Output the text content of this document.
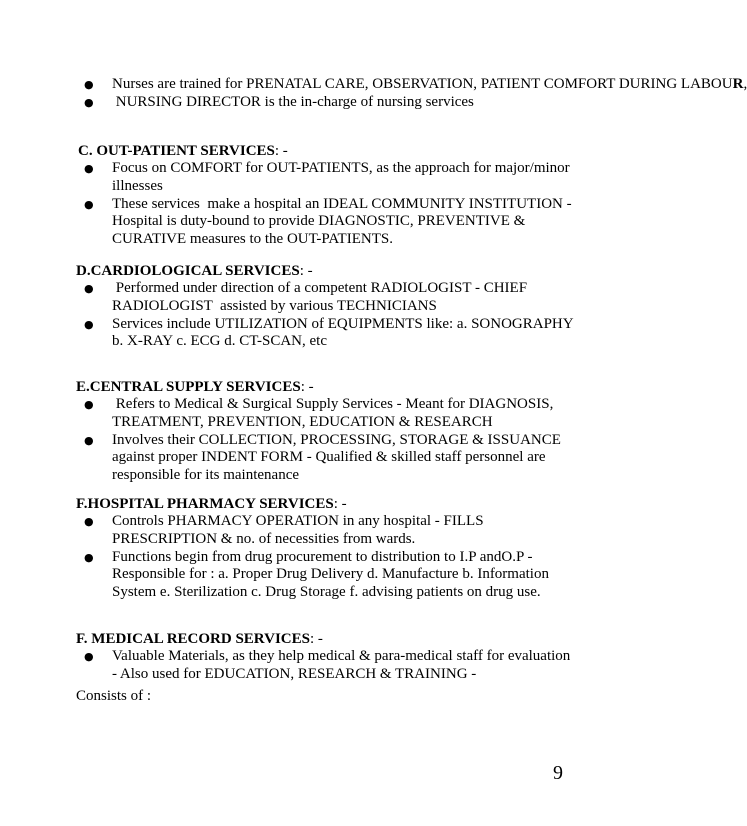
● Nurses are trained for PRENATAL CARE, OBSERVATION, PATIENT COMFORT DURING LABOUR,
●  NURSING DIRECTOR is the in-charge of nursing services

C. OUT-PATIENT SERVICES: -

● Focus on COMFORT for OUT-PATIENTS, as the approach for major/minor illnesses
● These services  make a hospital an IDEAL COMMUNITY INSTITUTION - Hospital is duty-bound to provide DIAGNOSTIC, PREVENTIVE & CURATIVE measures to the OUT-PATIENTS.

D.CARDIOLOGICAL SERVICES: -

●  Performed under direction of a competent RADIOLOGIST - CHIEF RADIOLOGIST  assisted by various TECHNICIANS
● Services include UTILIZATION of EQUIPMENTS like: a. SONOGRAPHY b. X-RAY c. ECG d. CT-SCAN, etc

E.CENTRAL SUPPLY SERVICES: -

●  Refers to Medical & Surgical Supply Services - Meant for DIAGNOSIS, TREATMENT, PREVENTION, EDUCATION & RESEARCH
● Involves their COLLECTION, PROCESSING, STORAGE & ISSUANCE against proper INDENT FORM - Qualified & skilled staff personnel are responsible for its maintenance

F.HOSPITAL PHARMACY SERVICES: -

● Controls PHARMACY OPERATION in any hospital - FILLS PRESCRIPTION & no. of necessities from wards.
● Functions begin from drug procurement to distribution to I.P andO.P - Responsible for : a. Proper Drug Delivery d. Manufacture b. Information System e. Sterilization c. Drug Storage f. advising patients on drug use.

F. MEDICAL RECORD SERVICES: -

● Valuable Materials, as they help medical & para-medical staff for evaluation - Also used for EDUCATION, RESEARCH & TRAINING -
Consists of :
9
